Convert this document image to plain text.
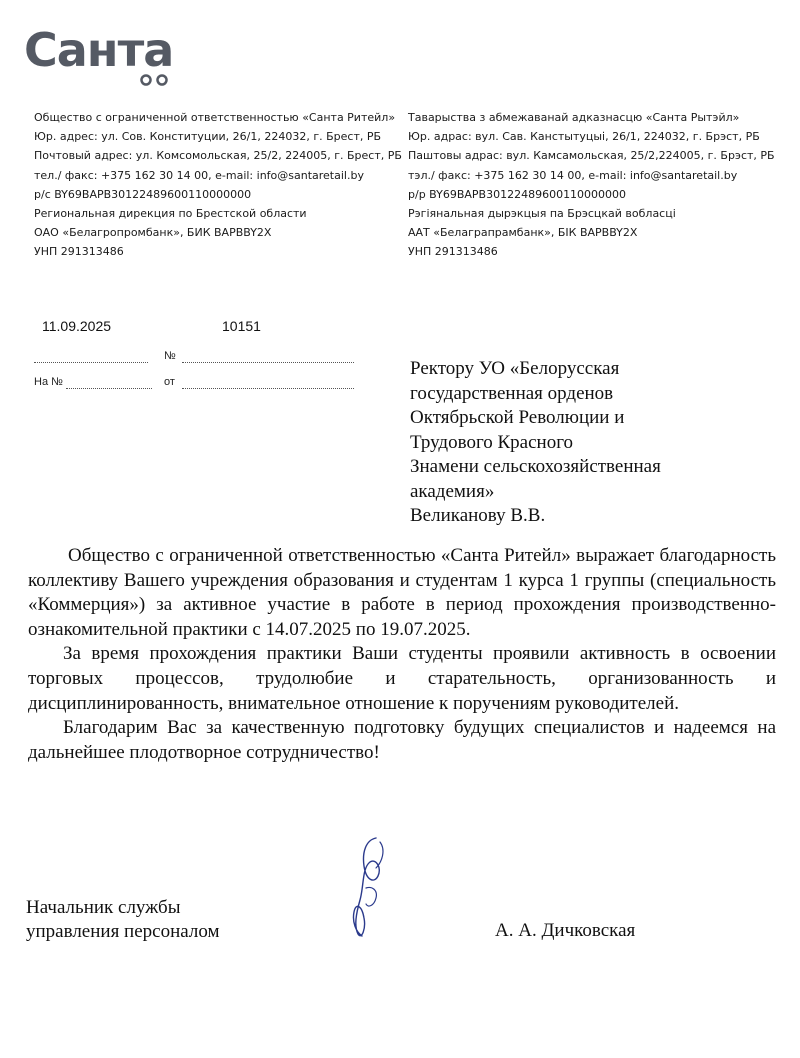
Санта
Общество с ограниченной ответственностью «Санта Ритейл»
Юр. адрес: ул. Сов. Конституции, 26/1, 224032, г. Брест, РБ
Почтовый адрес: ул. Комсомольская, 25/2, 224005, г. Брест, РБ
тел./ факс: +375 162 30 14 00, e-mail: info@santaretail.by
р/с BY69BAPB30122489600110000000
Региональная дирекция по Брестской области
ОАО «Белагропромбанк», БИК BAPBBY2X
УНП 291313486
Таварыства з абмежаванай адказнасцю «Санта Рытэйл»
Юр. адрас: вул. Сав. Канстытуцыі, 26/1, 224032, г. Брэст, РБ
Паштовы адрас: вул. Камсамольская, 25/2,224005, г. Брэст, РБ
тэл./ факс: +375 162 30 14 00, e-mail: info@santaretail.by
р/р BY69BAPB30122489600110000000
Рэгiянальная дырэкцыя па Брэсцкай вобласцi
ААТ «Белаграпрамбанк», БIК BAPBBY2X
УНП 291313486
11.09.2025	10151
№
На №	от
Ректору УО «Белорусская
государственная орденов
Октябрьской Революции и
Трудового Красного
Знамени сельскохозяйственная
академия»
Великанову В.В.

Общество с ограниченной ответственностью «Санта Ритейл» выражает благодарность коллективу Вашего учреждения образования и студентам 1 курса 1 группы (специальность «Коммерция») за активное участие в работе в период прохождения производственно-ознакомительной практики с 14.07.2025 по 19.07.2025.

За время прохождения практики Ваши студенты проявили активность в освоении торговых процессов, трудолюбие и старательность, организованность и дисциплинированность, внимательное отношение к поручениям руководителей.

Благодарим Вас за качественную подготовку будущих специалистов и надеемся на дальнейшее плодотворное сотрудничество!

Начальник службы
управления персоналом	А. А. Дичковская
